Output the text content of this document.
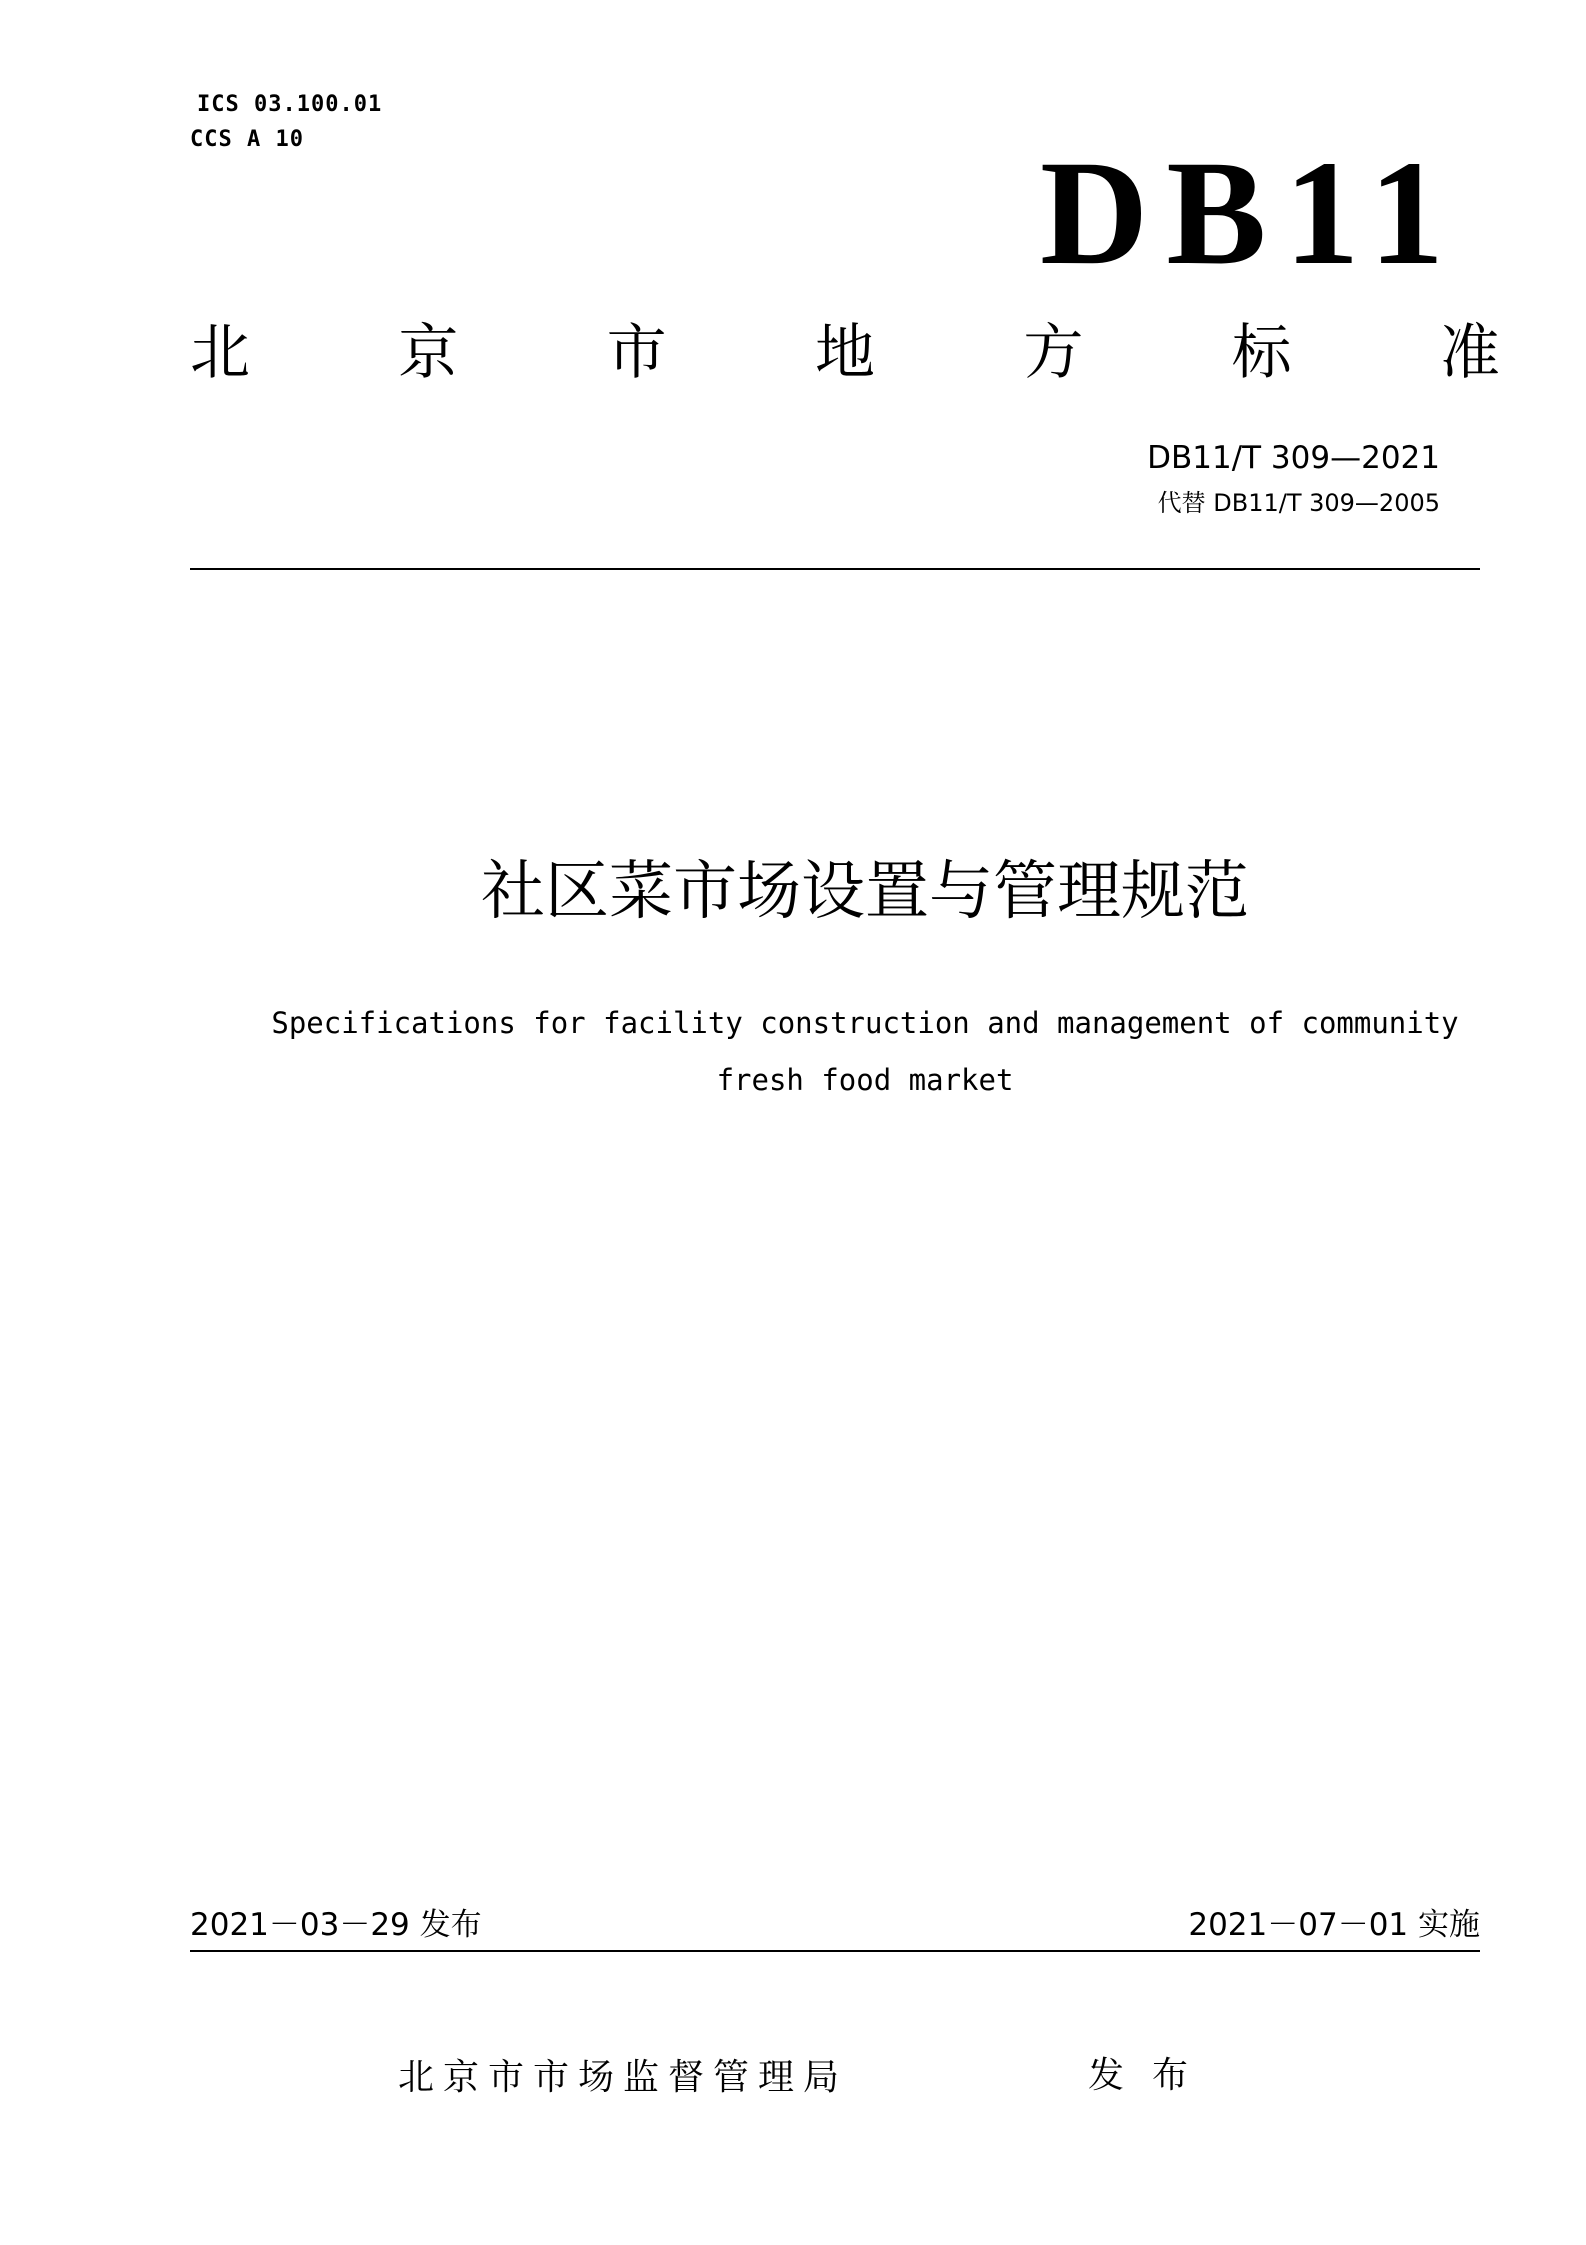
ICS 03.100.01
CCS A 10	DB11
北 京 市 地 方 标 准
DB11/T 309—2021
代替 DB11/T 309—2005
社区菜市场设置与管理规范
Specifications for facility construction and management of community
fresh food market
2021－03－29 发布	2021－07－01 实施
北京市市场监督管理局	发布
